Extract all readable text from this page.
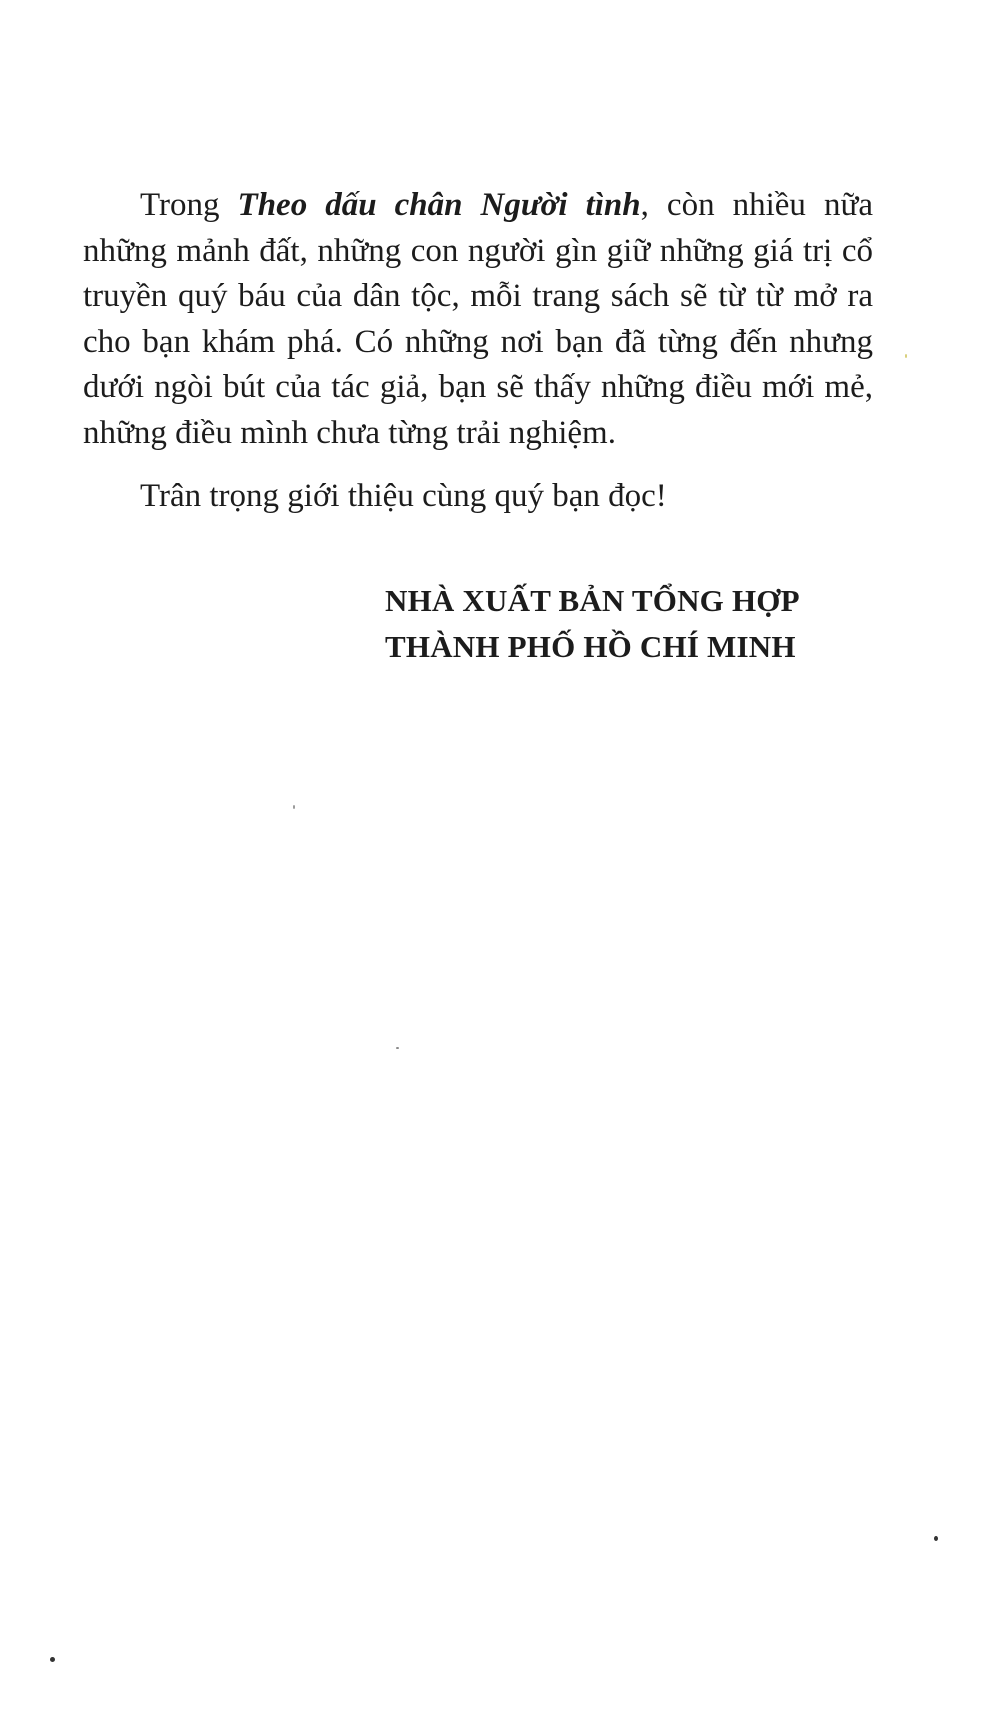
Trong Theo dấu chân Người tình, còn nhiều nữa những mảnh đất, những con người gìn giữ những giá trị cổ truyền quý báu của dân tộc, mỗi trang sách sẽ từ từ mở ra cho bạn khám phá. Có những nơi bạn đã từng đến nhưng dưới ngòi bút của tác giả, bạn sẽ thấy những điều mới mẻ, những điều mình chưa từng trải nghiệm.

Trân trọng giới thiệu cùng quý bạn đọc!

NHÀ XUẤT BẢN TỔNG HỢP
THÀNH PHỐ HỒ CHÍ MINH
